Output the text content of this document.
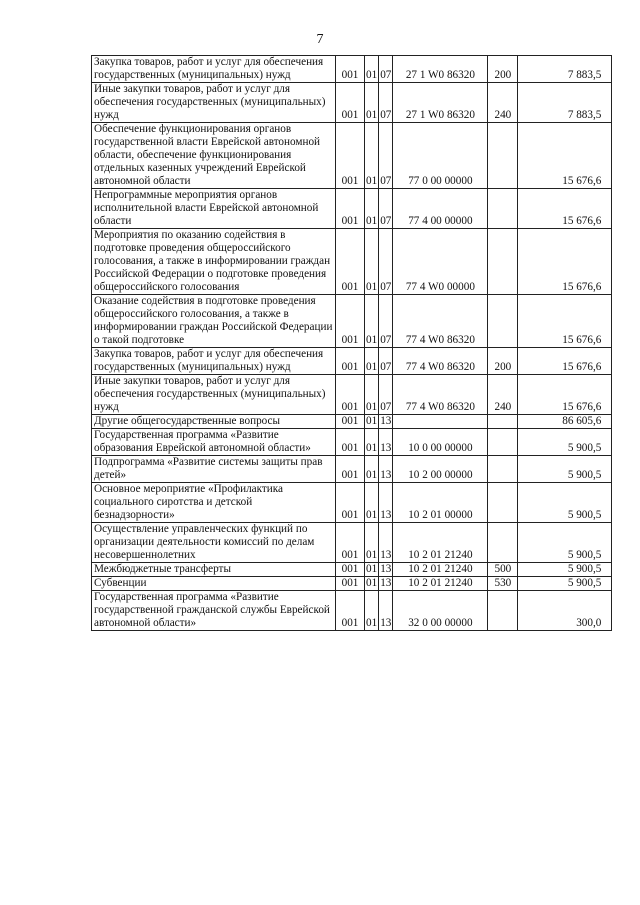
7
Закупка товаров, работ и услуг для обеспечения государственных (муниципальных) нужд	001	01	07	27 1 W0 86320	200	7 883,5
Иные закупки товаров, работ и услуг для обеспечения государственных (муниципальных) нужд	001	01	07	27 1 W0 86320	240	7 883,5
Обеспечение функционирования органов государственной власти Еврейской автономной области, обеспечение функционирования отдельных казенных учреждений Еврейской автономной области	001	01	07	77 0 00 00000		15 676,6
Непрограммные мероприятия органов исполнительной власти Еврейской автономной области	001	01	07	77 4 00 00000		15 676,6
Мероприятия по оказанию содействия в подготовке проведения общероссийского голосования, а также в информировании граждан Российской Федерации о подготовке проведения общероссийского голосования	001	01	07	77 4 W0 00000		15 676,6
Оказание содействия в подготовке проведения общероссийского голосования, а также в информировании граждан Российской Федерации о такой подготовке	001	01	07	77 4 W0 86320		15 676,6
Закупка товаров, работ и услуг для обеспечения государственных (муниципальных) нужд	001	01	07	77 4 W0 86320	200	15 676,6
Иные закупки товаров, работ и услуг для обеспечения государственных (муниципальных) нужд	001	01	07	77 4 W0 86320	240	15 676,6
Другие общегосударственные вопросы	001	01	13			86 605,6
Государственная программа «Развитие образования Еврейской автономной области»	001	01	13	10 0 00 00000		5 900,5
Подпрограмма «Развитие системы защиты прав детей»	001	01	13	10 2 00 00000		5 900,5
Основное мероприятие «Профилактика социального сиротства и детской безнадзорности»	001	01	13	10 2 01 00000		5 900,5
Осуществление управленческих функций по организации деятельности комиссий по делам несовершеннолетних	001	01	13	10 2 01 21240		5 900,5
Межбюджетные трансферты	001	01	13	10 2 01 21240	500	5 900,5
Субвенции	001	01	13	10 2 01 21240	530	5 900,5
Государственная программа «Развитие государственной гражданской службы Еврейской автономной области»	001	01	13	32 0 00 00000		300,0
